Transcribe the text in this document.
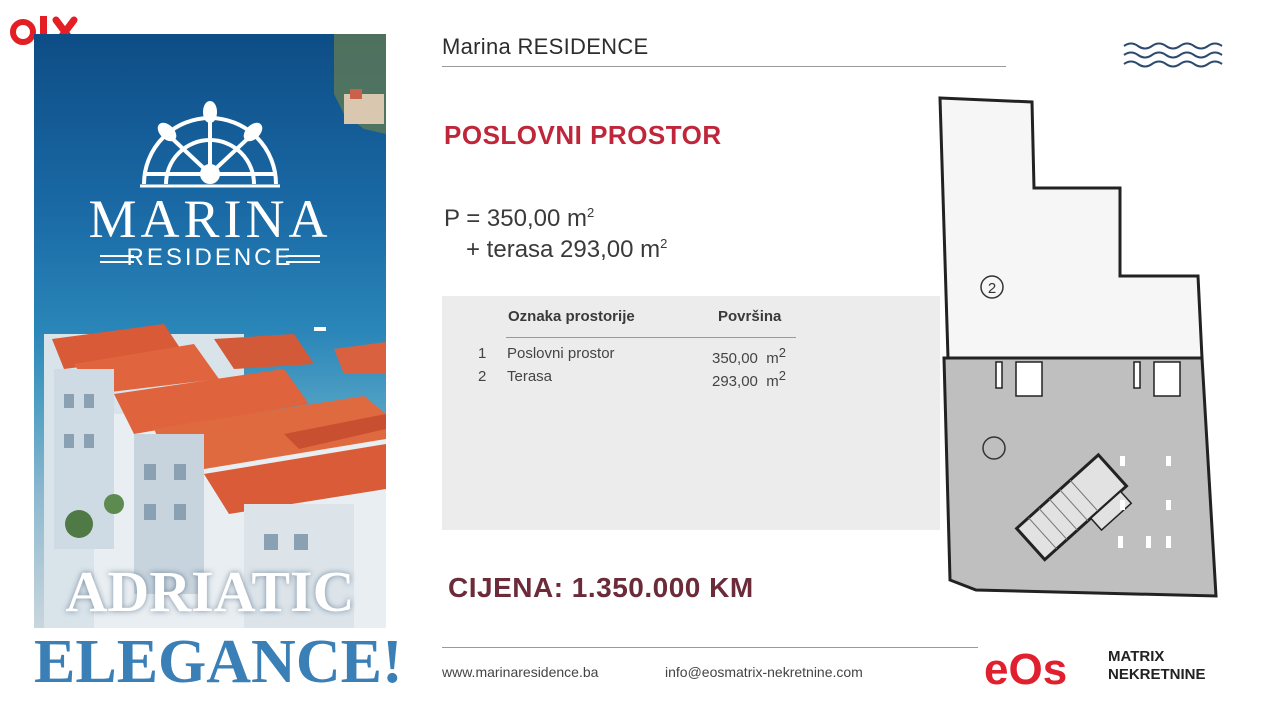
MARINA
RESIDENCE
ADRIATIC
ELEGANCE!
Marina RESIDENCE
POSLOVNI PROSTOR
P = 350,00 $m^2$
+ terasa 293,00 $m^2$
Oznaka prostorije	Površina
1 Poslovni prostor	350,00 $m^2$
2 Terasa	293,00 $m^2$
CIJENA: 1.350.000 KM
2
www.marinaresidence.ba	info@eosmatrix-nekretnine.com	eOs	MATRIX
NEKRETNINE
